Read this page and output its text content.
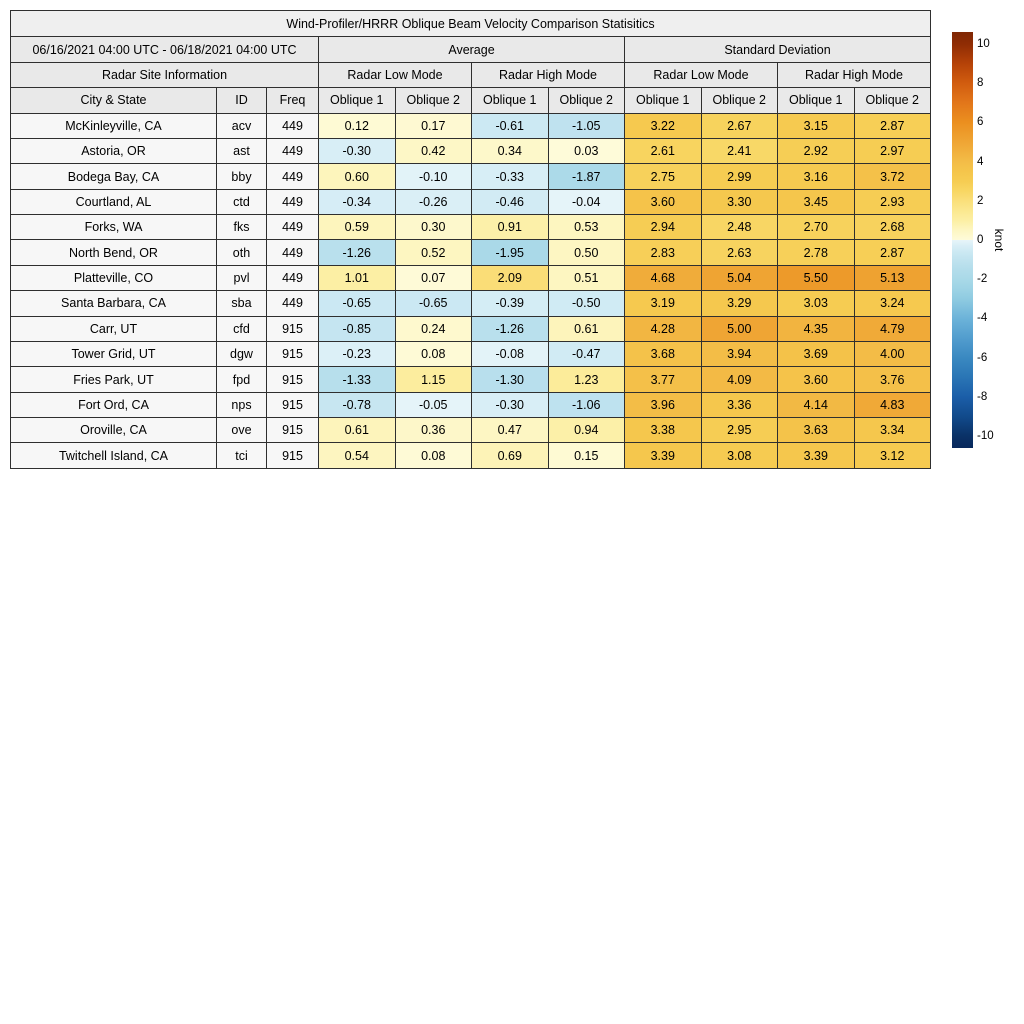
Wind-Profiler/HRRR Oblique Beam Velocity Comparison Statisitics										
06/16/2021 04:00 UTC - 06/18/2021 04:00 UTC			Average				Standard Deviation			
Radar Site Information			Radar Low Mode		Radar High Mode		Radar Low Mode		Radar High Mode	
City & State	ID	Freq	Oblique 1	Oblique 2	Oblique 1	Oblique 2	Oblique 1	Oblique 2	Oblique 1	Oblique 2
McKinleyville, CA	acv	449	0.12	0.17	-0.61	-1.05	3.22	2.67	3.15	2.87
Astoria, OR	ast	449	-0.30	0.42	0.34	0.03	2.61	2.41	2.92	2.97
Bodega Bay, CA	bby	449	0.60	-0.10	-0.33	-1.87	2.75	2.99	3.16	3.72
Courtland, AL	ctd	449	-0.34	-0.26	-0.46	-0.04	3.60	3.30	3.45	2.93
Forks, WA	fks	449	0.59	0.30	0.91	0.53	2.94	2.48	2.70	2.68
North Bend, OR	oth	449	-1.26	0.52	-1.95	0.50	2.83	2.63	2.78	2.87
Platteville, CO	pvl	449	1.01	0.07	2.09	0.51	4.68	5.04	5.50	5.13
Santa Barbara, CA	sba	449	-0.65	-0.65	-0.39	-0.50	3.19	3.29	3.03	3.24
Carr, UT	cfd	915	-0.85	0.24	-1.26	0.61	4.28	5.00	4.35	4.79
Tower Grid, UT	dgw	915	-0.23	0.08	-0.08	-0.47	3.68	3.94	3.69	4.00
Fries Park, UT	fpd	915	-1.33	1.15	-1.30	1.23	3.77	4.09	3.60	3.76
Fort Ord, CA	nps	915	-0.78	-0.05	-0.30	-1.06	3.96	3.36	4.14	4.83
Oroville, CA	ove	915	0.61	0.36	0.47	0.94	3.38	2.95	3.63	3.34
Twitchell Island, CA	tci	915	0.54	0.08	0.69	0.15	3.39	3.08	3.39	3.12
10
8
6
4
2
0
-2
-4
-6
-8
-10
knot
